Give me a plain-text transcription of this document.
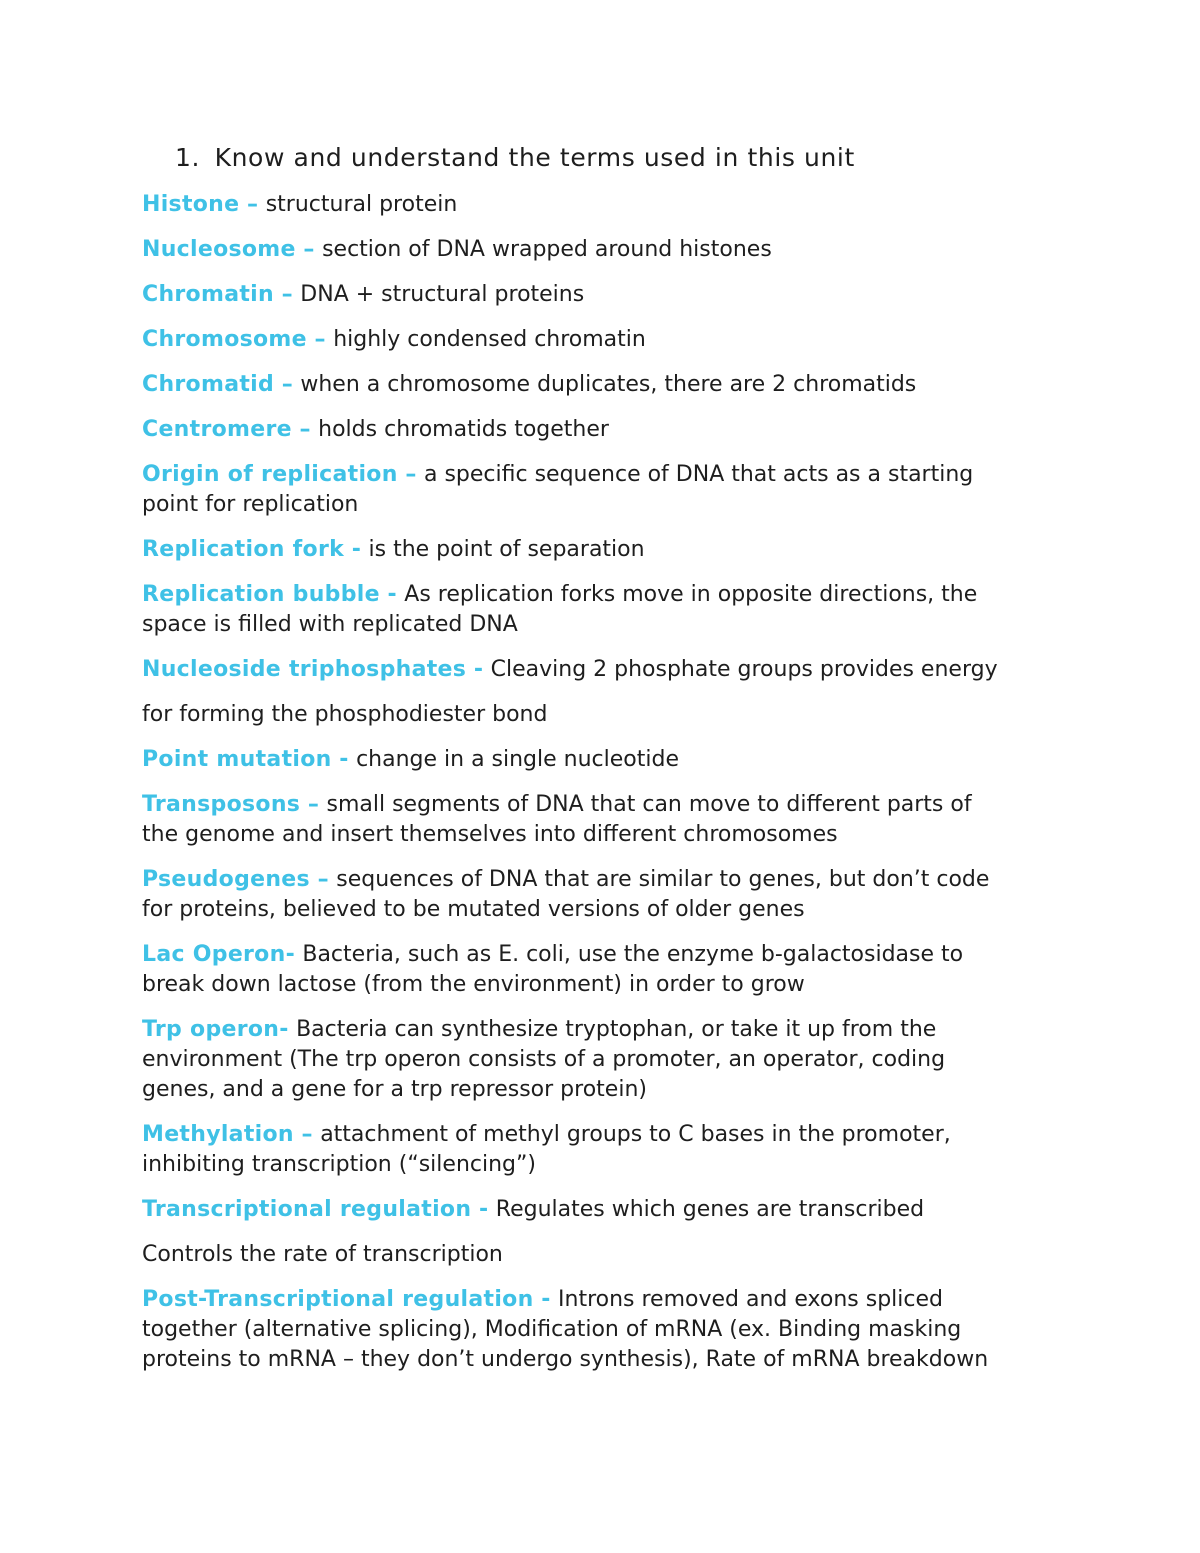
1. Know and understand the terms used in this unit
Histone – structural protein
Nucleosome – section of DNA wrapped around histones
Chromatin – DNA + structural proteins
Chromosome – highly condensed chromatin
Chromatid – when a chromosome duplicates, there are 2 chromatids
Centromere – holds chromatids together
Origin of replication – a specific sequence of DNA that acts as a starting
point for replication
Replication fork - is the point of separation
Replication bubble - As replication forks move in opposite directions, the
space is filled with replicated DNA
Nucleoside triphosphates - Cleaving 2 phosphate groups provides energy
for forming the phosphodiester bond
Point mutation - change in a single nucleotide
Transposons – small segments of DNA that can move to different parts of
the genome and insert themselves into different chromosomes
Pseudogenes – sequences of DNA that are similar to genes, but don’t code
for proteins, believed to be mutated versions of older genes
Lac Operon- Bacteria, such as E. coli, use the enzyme b-galactosidase to
break down lactose (from the environment) in order to grow
Trp operon- Bacteria can synthesize tryptophan, or take it up from the
environment (The trp operon consists of a promoter, an operator, coding
genes, and a gene for a trp repressor protein)
Methylation – attachment of methyl groups to C bases in the promoter,
inhibiting transcription (“silencing”)
Transcriptional regulation - Regulates which genes are transcribed
Controls the rate of transcription
Post-Transcriptional regulation - Introns removed and exons spliced
together (alternative splicing), Modification of mRNA (ex. Binding masking
proteins to mRNA – they don’t undergo synthesis), Rate of mRNA breakdown
